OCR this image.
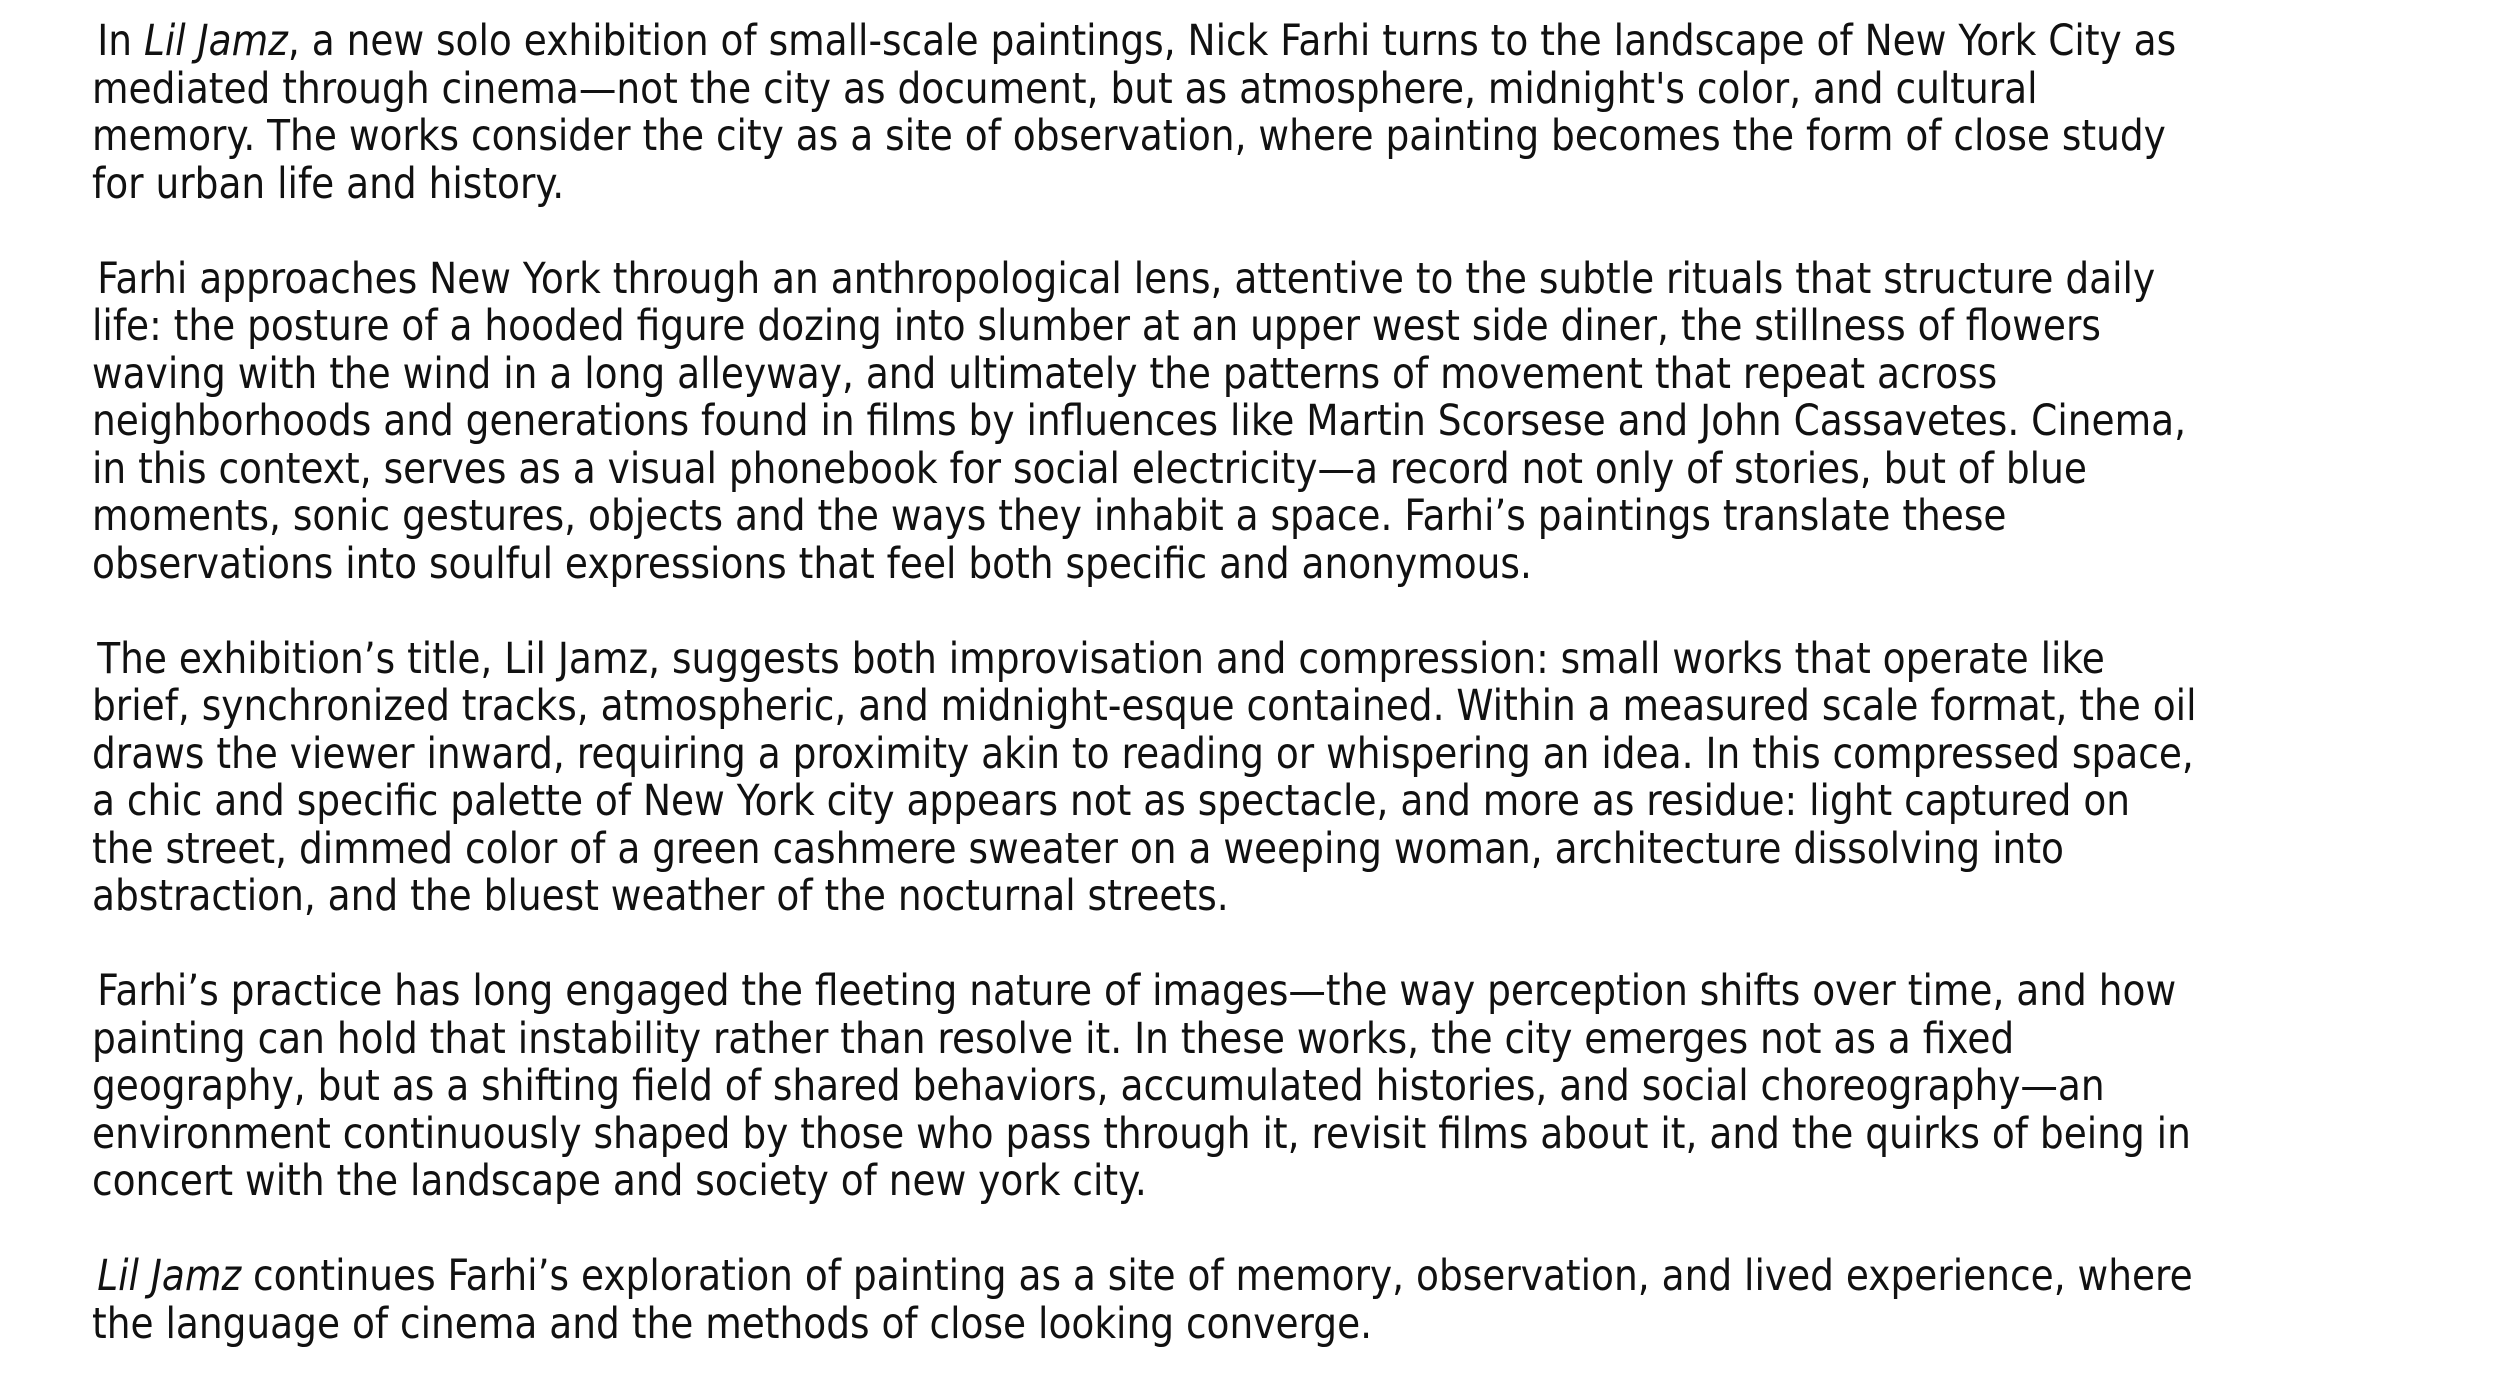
In Lil Jamz, a new solo exhibition of small-scale paintings, Nick Farhi turns to the landscape of New York City as
mediated through cinema—not the city as document, but as atmosphere, midnight's color, and cultural
memory. The works consider the city as a site of observation, where painting becomes the form of close study
for urban life and history.

Farhi approaches New York through an anthropological lens, attentive to the subtle rituals that structure daily
life: the posture of a hooded figure dozing into slumber at an upper west side diner, the stillness of flowers
waving with the wind in a long alleyway, and ultimately the patterns of movement that repeat across
neighborhoods and generations found in films by influences like Martin Scorsese and John Cassavetes. Cinema,
in this context, serves as a visual phonebook for social electricity—a record not only of stories, but of blue
moments, sonic gestures, objects and the ways they inhabit a space. Farhi’s paintings translate these
observations into soulful expressions that feel both specific and anonymous.

The exhibition’s title, Lil Jamz, suggests both improvisation and compression: small works that operate like
brief, synchronized tracks, atmospheric, and midnight-esque contained. Within a measured scale format, the oil
draws the viewer inward, requiring a proximity akin to reading or whispering an idea. In this compressed space,
a chic and specific palette of New York city appears not as spectacle, and more as residue: light captured on
the street, dimmed color of a green cashmere sweater on a weeping woman, architecture dissolving into
abstraction, and the bluest weather of the nocturnal streets.

Farhi’s practice has long engaged the fleeting nature of images—the way perception shifts over time, and how
painting can hold that instability rather than resolve it. In these works, the city emerges not as a fixed
geography, but as a shifting field of shared behaviors, accumulated histories, and social choreography—an
environment continuously shaped by those who pass through it, revisit films about it, and the quirks of being in
concert with the landscape and society of new york city.

Lil Jamz continues Farhi’s exploration of painting as a site of memory, observation, and lived experience, where
the language of cinema and the methods of close looking converge.
